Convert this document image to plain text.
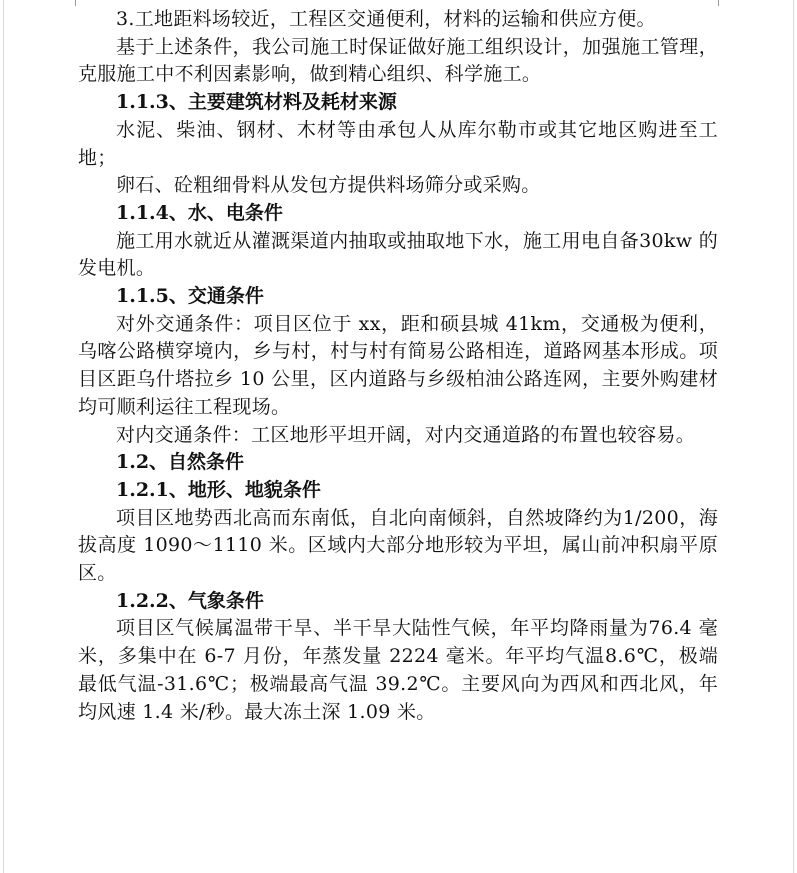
3.工地距料场较近，工程区交通便利，材料的运输和供应方便。

基于上述条件，我公司施工时保证做好施工组织设计，加强施工管理，克服施工中不利因素影响，做到精心组织、科学施工。

1.1.3、主要建筑材料及耗材来源

水泥、柴油、钢材、木材等由承包人从库尔勒市或其它地区购进至工地；

卵石、砼粗细骨料从发包方提供料场筛分或采购。

1.1.4、水、电条件

施工用水就近从灌溉渠道内抽取或抽取地下水，施工用电自备30kw 的发电机。

1.1.5、交通条件

对外交通条件：项目区位于 xx，距和硕县城 41km，交通极为便利，乌喀公路横穿境内，乡与村，村与村有简易公路相连，道路网基本形成。项目区距乌什塔拉乡 10 公里，区内道路与乡级柏油公路连网，主要外购建材均可顺利运往工程现场。

对内交通条件：工区地形平坦开阔，对内交通道路的布置也较容易。

1.2、自然条件

1.2.1、地形、地貌条件

项目区地势西北高而东南低，自北向南倾斜，自然坡降约为1/200，海拔高度 1090～1110 米。区域内大部分地形较为平坦，属山前冲积扇平原区。

1.2.2、气象条件

项目区气候属温带干旱、半干旱大陆性气候，年平均降雨量为76.4 毫米，多集中在 6-7 月份，年蒸发量 2224 毫米。年平均气温8.6℃，极端最低气温-31.6℃；极端最高气温 39.2℃。主要风向为西风和西北风，年均风速 1.4 米/秒。最大冻土深 1.09 米。
